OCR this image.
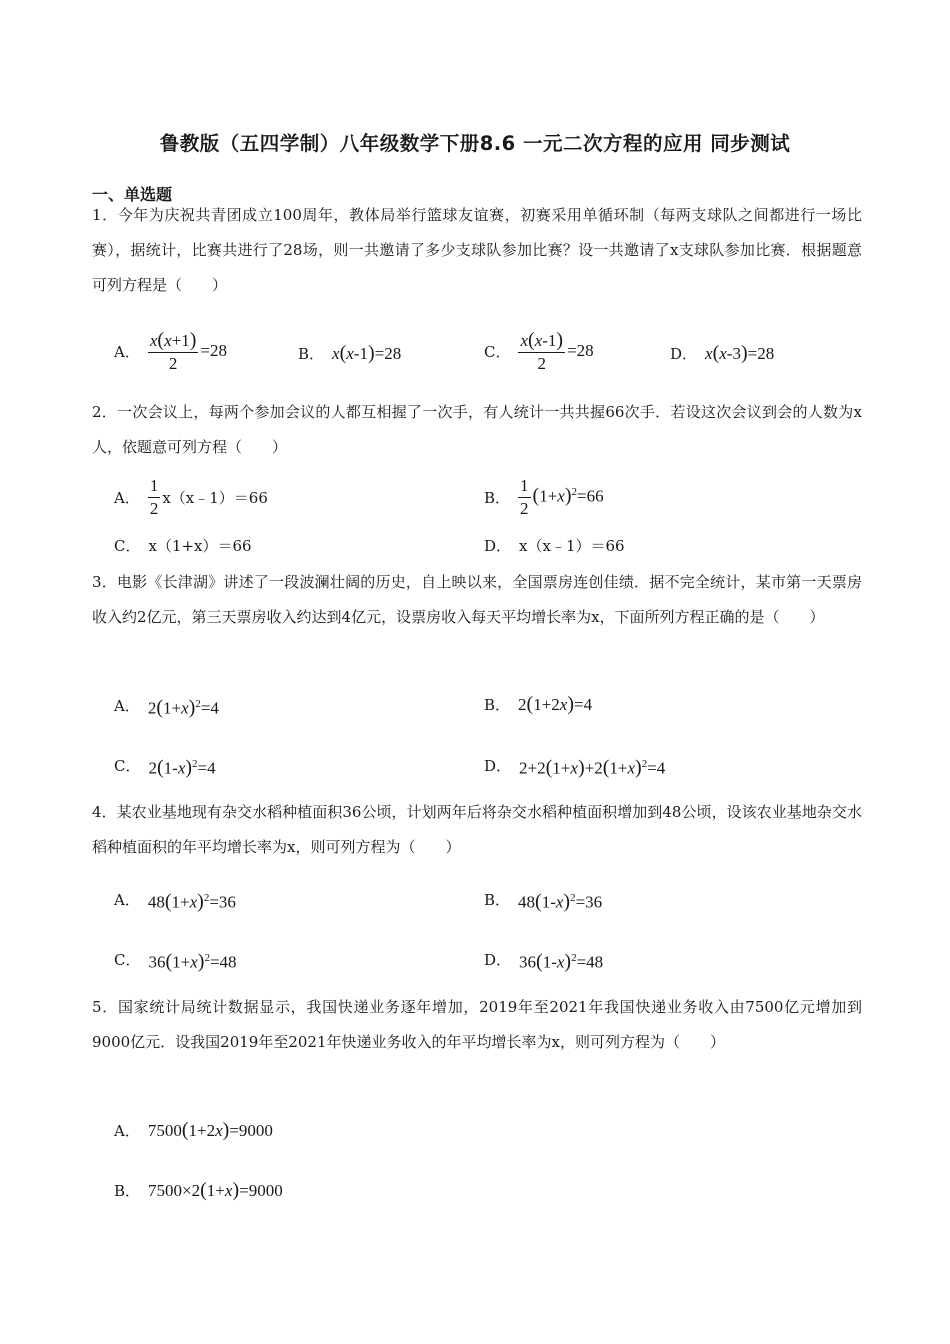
鲁教版（五四学制）八年级数学下册8.6 一元二次方程的应用 同步测试
一、单选题
1．今年为庆祝共青团成立100周年，教体局举行篮球友谊赛，初赛采用单循环制（每两支球队之间都进行一场比赛），据统计，比赛共进行了28场，则一共邀请了多少支球队参加比赛？设一共邀请了x支球队参加比赛．根据题意可列方程是（　　）
A． $\frac{x(x+1)}{2} =28$	B． x(x-1)=28	C． $\frac{x(x-1)}{2} =28$	D． x(x-3)=28
2．一次会议上，每两个参加会议的人都互相握了一次手，有人统计一共共握66次手．若设这次会议到会的人数为x人，依题意可列方程（　　）
A． $\frac{1}{2}$ x（x﹣1）＝66	B． $\frac{1}{2} (1+x)^2=66$
C． x（1+x）＝66	D． x（x﹣1）＝66
3．电影《长津湖》讲述了一段波澜壮阔的历史，自上映以来，全国票房连创佳绩．据不完全统计，某市第一天票房收入约2亿元，第三天票房收入约达到4亿元，设票房收入每天平均增长率为x，下面所列方程正确的是（　　）
A． $2(1+x)^2=4$	B． 2(1+2x)=4
C． $2(1-x)^2=4$	D． $2+2(1+x)+2(1+x)^2=4$
4．某农业基地现有杂交水稻种植面积36公顷，计划两年后将杂交水稻种植面积增加到48公顷，设该农业基地杂交水稻种植面积的年平均增长率为x，则可列方程为（　　）
A． $48(1+x)^2=36$	B． $48(1-x)^2=36$
C． $36(1+x)^2=48$	D． $36(1-x)^2=48$
5．国家统计局统计数据显示，我国快递业务逐年增加，2019年至2021年我国快递业务收入由7500亿元增加到9000亿元．设我国2019年至2021年快递业务收入的年平均增长率为x，则可列方程为（　　）
A． 7500(1+2x)=9000
B． 7500×2(1+x)=9000
